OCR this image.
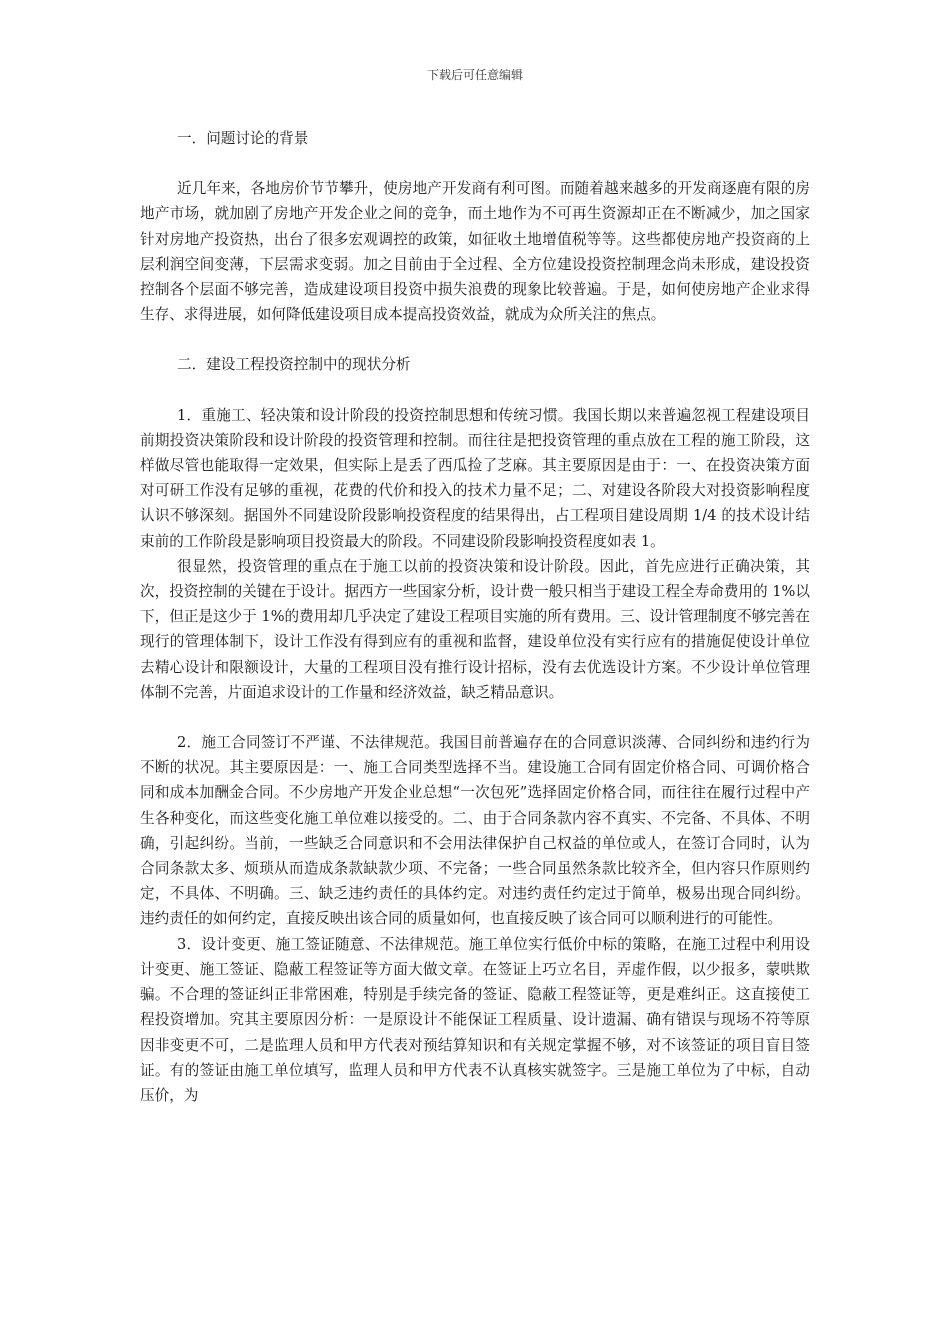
下载后可任意编辑

一．问题讨论的背景

近几年来，各地房价节节攀升，使房地产开发商有利可图。而随着越来越多的开发商逐鹿有限的房地产市场，就加剧了房地产开发企业之间的竞争，而土地作为不可再生资源却正在不断减少，加之国家针对房地产投资热，出台了很多宏观调控的政策，如征收土地增值税等等。这些都使房地产投资商的上层利润空间变薄，下层需求变弱。加之目前由于全过程、全方位建设投资控制理念尚未形成，建设投资控制各个层面不够完善，造成建设项目投资中损失浪费的现象比较普遍。于是，如何使房地产企业求得生存、求得进展，如何降低建设项目成本提高投资效益，就成为众所关注的焦点。

二．建设工程投资控制中的现状分析

1．重施工、轻决策和设计阶段的投资控制思想和传统习惯。我国长期以来普遍忽视工程建设项目前期投资决策阶段和设计阶段的投资管理和控制。而往往是把投资管理的重点放在工程的施工阶段，这样做尽管也能取得一定效果，但实际上是丢了西瓜捡了芝麻。其主要原因是由于：一、在投资决策方面对可研工作没有足够的重视，花费的代价和投入的技术力量不足；二、对建设各阶段大对投资影响程度认识不够深刻。据国外不同建设阶段影响投资程度的结果得出，占工程项目建设周期 1/4 的技术设计结束前的工作阶段是影响项目投资最大的阶段。不同建设阶段影响投资程度如表 1。

很显然，投资管理的重点在于施工以前的投资决策和设计阶段。因此，首先应进行正确决策，其次，投资控制的关键在于设计。据西方一些国家分析，设计费一般只相当于建设工程全寿命费用的 1%以下，但正是这少于 1%的费用却几乎决定了建设工程项目实施的所有费用。三、设计管理制度不够完善在现行的管理体制下，设计工作没有得到应有的重视和监督，建设单位没有实行应有的措施促使设计单位去精心设计和限额设计，大量的工程项目没有推行设计招标，没有去优选设计方案。不少设计单位管理体制不完善，片面追求设计的工作量和经济效益，缺乏精品意识。

2．施工合同签订不严谨、不法律规范。我国目前普遍存在的合同意识淡薄、合同纠纷和违约行为不断的状况。其主要原因是：一、施工合同类型选择不当。建设施工合同有固定价格合同、可调价格合同和成本加酬金合同。不少房地产开发企业总想“一次包死”选择固定价格合同，而往往在履行过程中产生各种变化，而这些变化施工单位难以接受的。二、由于合同条款内容不真实、不完备、不具体、不明确，引起纠纷。当前，一些缺乏合同意识和不会用法律保护自己权益的单位或人，在签订合同时，认为合同条款太多、烦琐从而造成条款缺款少项、不完备；一些合同虽然条款比较齐全，但内容只作原则约定，不具体、不明确。三、缺乏违约责任的具体约定。对违约责任约定过于简单，极易出现合同纠纷。违约责任的如何约定，直接反映出该合同的质量如何，也直接反映了该合同可以顺利进行的可能性。

3．设计变更、施工签证随意、不法律规范。施工单位实行低价中标的策略，在施工过程中利用设计变更、施工签证、隐蔽工程签证等方面大做文章。在签证上巧立名目，弄虚作假，以少报多，蒙哄欺骗。不合理的签证纠正非常困难，特别是手续完备的签证、隐蔽工程签证等，更是难纠正。这直接使工程投资增加。究其主要原因分析：一是原设计不能保证工程质量、设计遗漏、确有错误与现场不符等原因非变更不可，二是监理人员和甲方代表对预结算知识和有关规定掌握不够，对不该签证的项目盲目签证。有的签证由施工单位填写，监理人员和甲方代表不认真核实就签字。三是施工单位为了中标，自动压价，为
